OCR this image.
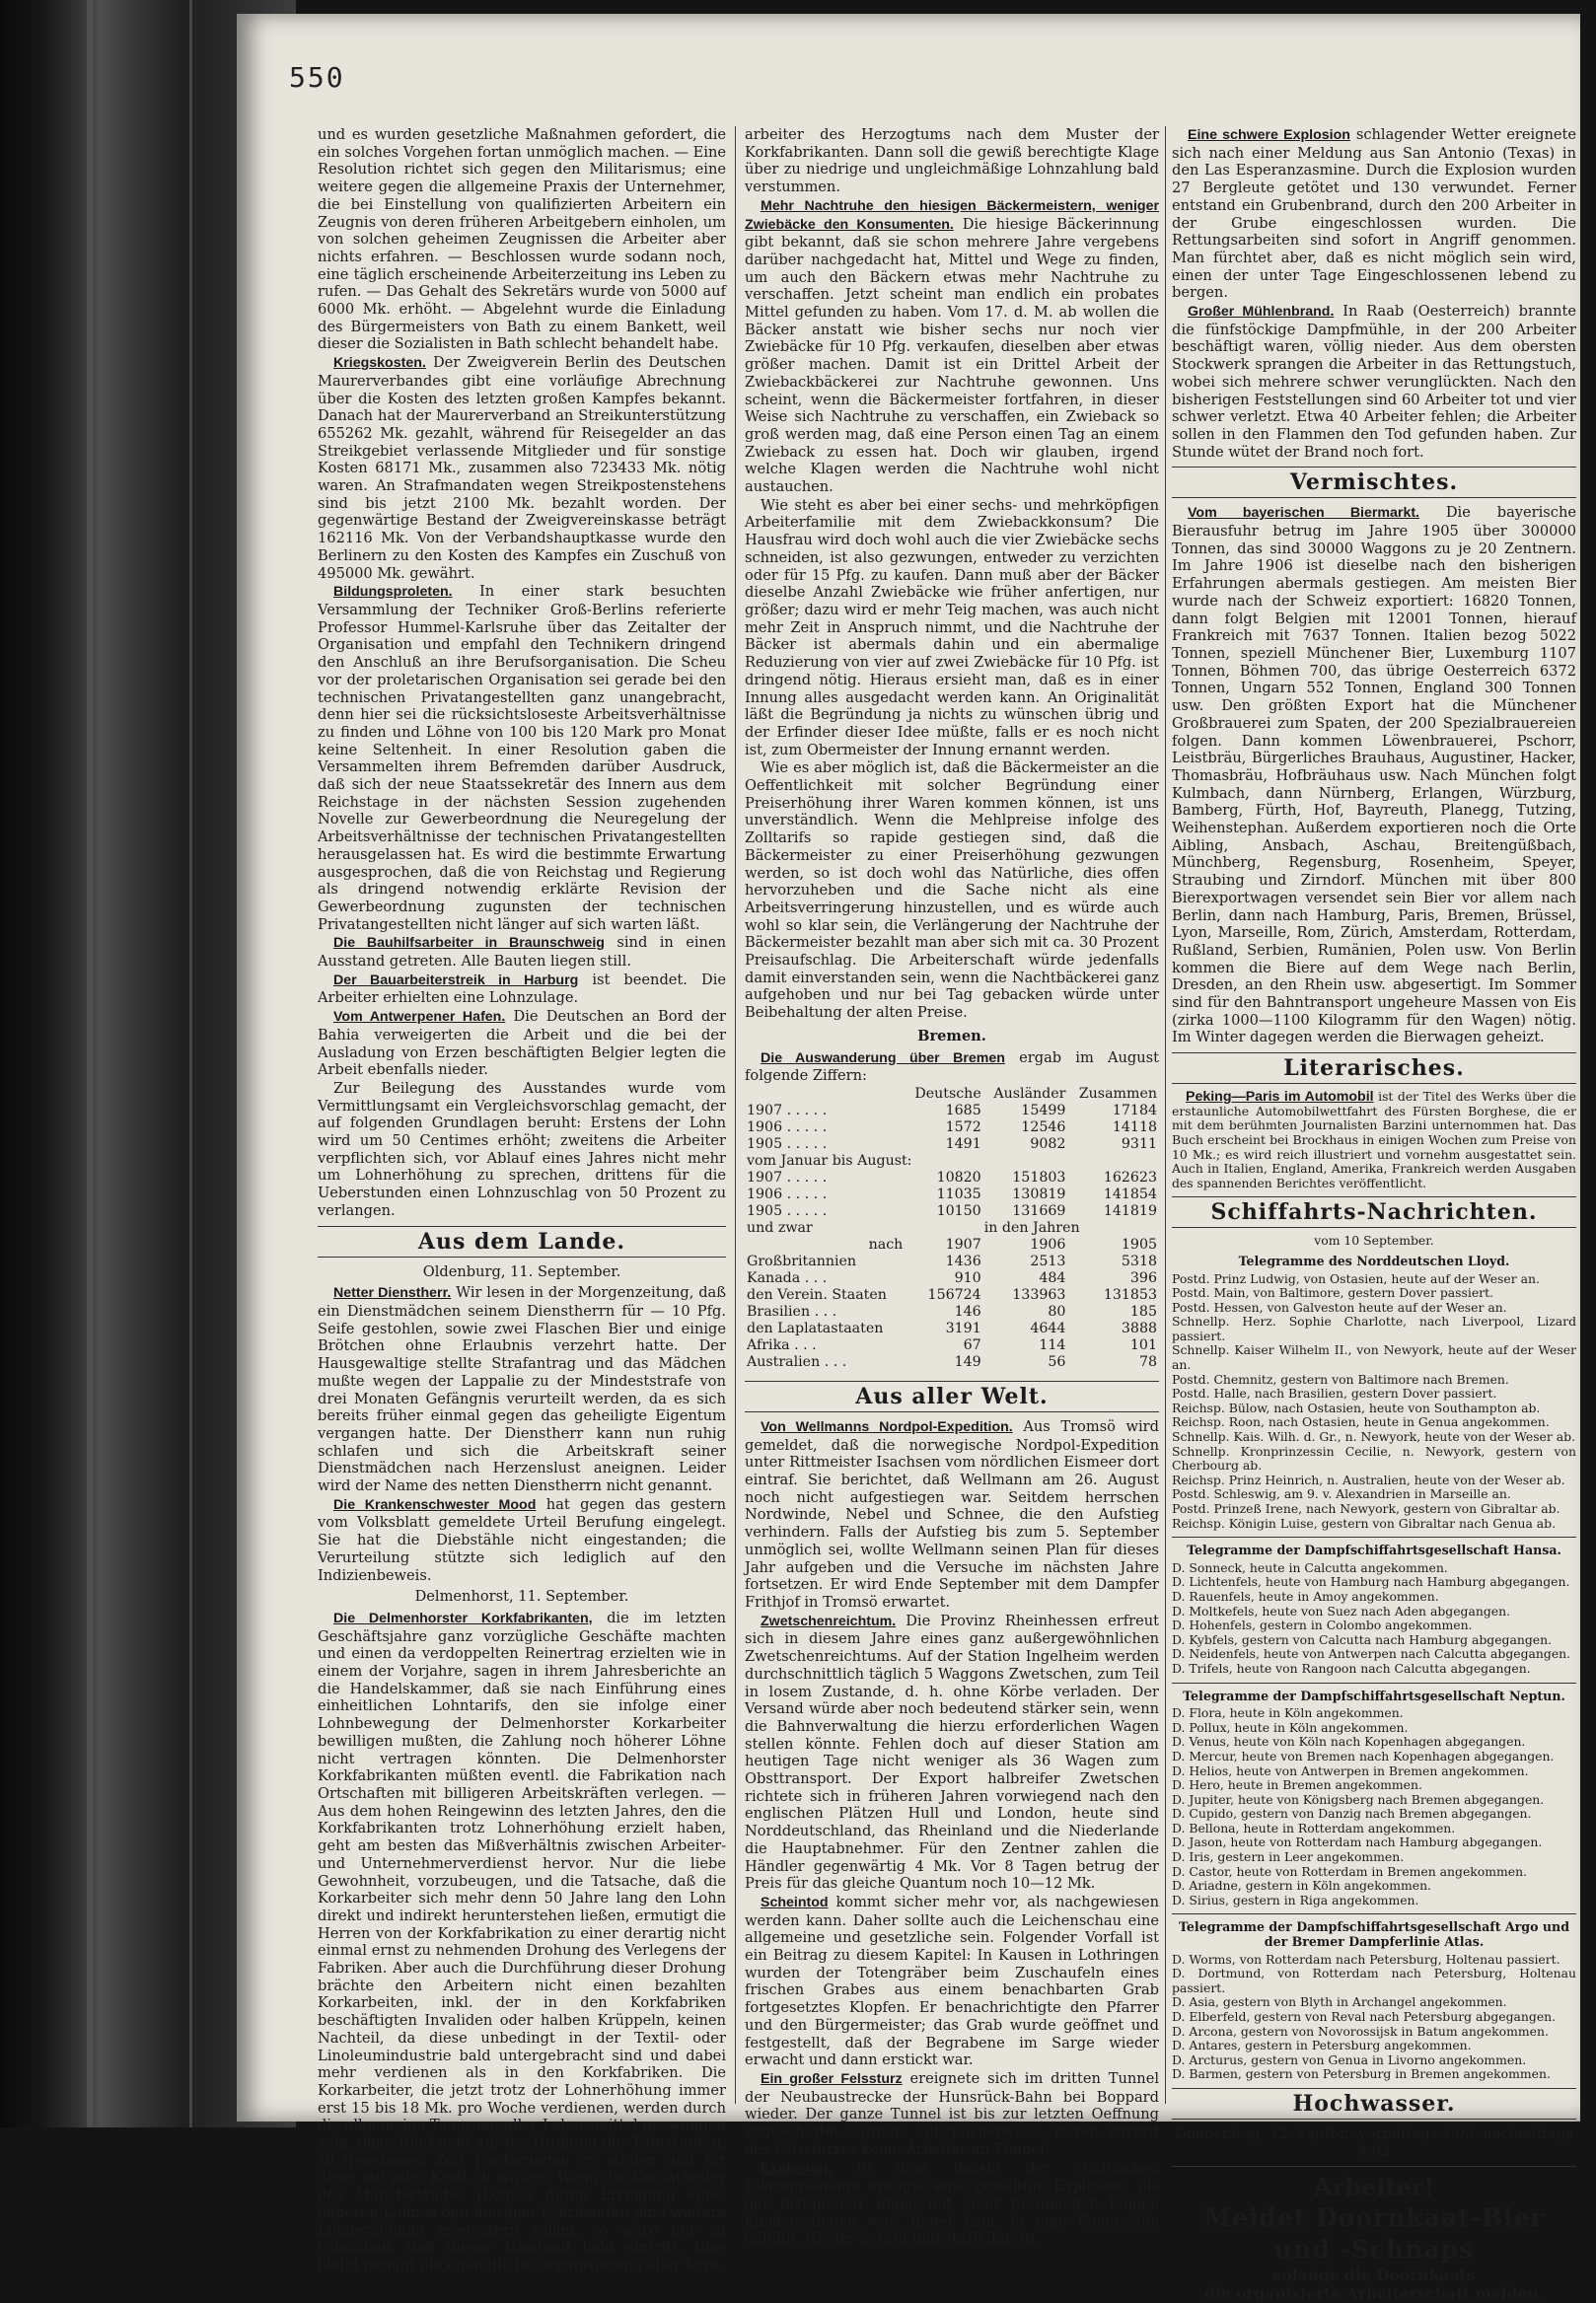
550

und es wurden gesetzliche Maßnahmen gefordert, die ein solches Vorgehen fortan unmöglich machen. — Eine Resolution richtet sich gegen den Militarismus; eine weitere gegen die allgemeine Praxis der Unternehmer, die bei Einstellung von qualifizierten Arbeitern ein Zeugnis von deren früheren Arbeitgebern einholen, um von solchen geheimen Zeugnissen die Arbeiter aber nichts erfahren. — Beschlossen wurde sodann noch, eine täglich erscheinende Arbeiterzeitung ins Leben zu rufen. — Das Gehalt des Sekretärs wurde von 5000 auf 6000 Mk. erhöht. — Abgelehnt wurde die Einladung des Bürgermeisters von Bath zu einem Bankett, weil dieser die Sozialisten in Bath schlecht behandelt habe.

Kriegskosten. Der Zweigverein Berlin des Deutschen Maurerverbandes gibt eine vorläufige Abrechnung über die Kosten des letzten großen Kampfes bekannt. Danach hat der Maurerverband an Streikunterstützung 655262 Mk. gezahlt, während für Reisegelder an das Streikgebiet verlassende Mitglieder und für sonstige Kosten 68171 Mk., zusammen also 723433 Mk. nötig waren. An Strafmandaten wegen Streikpostenstehens sind bis jetzt 2100 Mk. bezahlt worden. Der gegenwärtige Bestand der Zweigvereinskasse beträgt 162116 Mk. Von der Verbandshauptkasse wurde den Berlinern zu den Kosten des Kampfes ein Zuschuß von 495000 Mk. gewährt.

Bildungsproleten. In einer stark besuchten Versammlung der Techniker Groß-Berlins referierte Professor Hummel-Karlsruhe über das Zeitalter der Organisation und empfahl den Technikern dringend den Anschluß an ihre Berufsorganisation. Die Scheu vor der proletarischen Organisation sei gerade bei den technischen Privatangestellten ganz unangebracht, denn hier sei die rücksichtsloseste Arbeitsverhältnisse zu finden und Löhne von 100 bis 120 Mark pro Monat keine Seltenheit. In einer Resolution gaben die Versammelten ihrem Befremden darüber Ausdruck, daß sich der neue Staatssekretär des Innern aus dem Reichstage in der nächsten Session zugehenden Novelle zur Gewerbeordnung die Neuregelung der Arbeitsverhältnisse der technischen Privatangestellten herausgelassen hat. Es wird die bestimmte Erwartung ausgesprochen, daß die von Reichstag und Regierung als dringend notwendig erklärte Revision der Gewerbeordnung zugunsten der technischen Privatangestellten nicht länger auf sich warten läßt.

Die Bauhilfsarbeiter in Braunschweig sind in einen Ausstand getreten. Alle Bauten liegen still.

Der Bauarbeiterstreik in Harburg ist beendet. Die Arbeiter erhielten eine Lohnzulage.

Vom Antwerpener Hafen. Die Deutschen an Bord der Bahia verweigerten die Arbeit und die bei der Ausladung von Erzen beschäftigten Belgier legten die Arbeit ebenfalls nieder.

Zur Beilegung des Ausstandes wurde vom Vermittlungsamt ein Vergleichsvorschlag gemacht, der auf folgenden Grundlagen beruht: Erstens der Lohn wird um 50 Centimes erhöht; zweitens die Arbeiter verpflichten sich, vor Ablauf eines Jahres nicht mehr um Lohnerhöhung zu sprechen, drittens für die Ueberstunden einen Lohnzuschlag von 50 Prozent zu verlangen.

Aus dem Lande.
Oldenburg, 11. September.

Netter Dienstherr. Wir lesen in der Morgenzeitung, daß ein Dienstmädchen seinem Dienstherrn für — 10 Pfg. Seife gestohlen, sowie zwei Flaschen Bier und einige Brötchen ohne Erlaubnis verzehrt hatte. Der Hausgewaltige stellte Strafantrag und das Mädchen mußte wegen der Lappalie zu der Mindeststrafe von drei Monaten Gefängnis verurteilt werden, da es sich bereits früher einmal gegen das geheiligte Eigentum vergangen hatte. Der Dienstherr kann nun ruhig schlafen und sich die Arbeitskraft seiner Dienstmädchen nach Herzenslust aneignen. Leider wird der Name des netten Dienstherrn nicht genannt.

Die Krankenschwester Mood hat gegen das gestern vom Volksblatt gemeldete Urteil Berufung eingelegt. Sie hat die Diebstähle nicht eingestanden; die Verurteilung stützte sich lediglich auf den Indizienbeweis.

Delmenhorst, 11. September.

Die Delmenhorster Korkfabrikanten, die im letzten Geschäftsjahre ganz vorzügliche Geschäfte machten und einen da verdoppelten Reinertrag erzielten wie in einem der Vorjahre, sagen in ihrem Jahresberichte an die Handelskammer, daß sie nach Einführung eines einheitlichen Lohntarifs, den sie infolge einer Lohnbewegung der Delmenhorster Korkarbeiter bewilligen mußten, die Zahlung noch höherer Löhne nicht vertragen könnten. Die Delmenhorster Korkfabrikanten müßten eventl. die Fabrikation nach Ortschaften mit billigeren Arbeitskräften verlegen. — Aus dem hohen Reingewinn des letzten Jahres, den die Korkfabrikanten trotz Lohnerhöhung erzielt haben, geht am besten das Mißverhältnis zwischen Arbeiter- und Unternehmerverdienst hervor. Nur die liebe Gewohnheit, vorzubeugen, und die Tatsache, daß die Korkarbeiter sich mehr denn 50 Jahre lang den Lohn direkt und indirekt herunterstehen ließen, ermutigt die Herren von der Korkfabrikation zu einer derartig nicht einmal ernst zu nehmenden Drohung des Verlegens der Fabriken. Aber auch die Durchführung dieser Drohung brächte den Arbeitern nicht einen bezahlten Korkarbeiten, inkl. der in den Korkfabriken beschäftigten Invaliden oder halben Krüppeln, keinen Nachteil, da diese unbedingt in der Textil- oder Linoleumindustrie bald untergebracht sind und dabei mehr verdienen als in den Korkfabriken. Die Korkarbeiter, die jetzt trotz der Lohnerhöhung immer erst 15 bis 18 Mk. pro Woche verdienen, werden durch die allgemeine Teuerung aller Lebensmittel gezwungen sein, ohne Rücksicht auf die Drohung der Fabrikanten, zu gegebenen Zeit Forderungen zu stellen und für diese mit aller Kraft zu wirken. Wenn die Korkarbeiter des Münsterlandes (Lohne) durch Erringung eines höheren Lohnes den hiesigen Fabrikanten eine weitere Lohnerhöhung erleichtern sollen, so wäre nur zu wünschen, daß dieser Umstand bald eintritt. Dies bleibt genügt die einheitliche Organisierung aller Kork-

arbeiter des Herzogtums nach dem Muster der Korkfabrikanten. Dann soll die gewiß berechtigte Klage über zu niedrige und ungleichmäßige Lohnzahlung bald verstummen.

Mehr Nachtruhe den hiesigen Bäckermeistern, weniger Zwiebäcke den Konsumenten. Die hiesige Bäckerinnung gibt bekannt, daß sie schon mehrere Jahre vergebens darüber nachgedacht hat, Mittel und Wege zu finden, um auch den Bäckern etwas mehr Nachtruhe zu verschaffen. Jetzt scheint man endlich ein probates Mittel gefunden zu haben. Vom 17. d. M. ab wollen die Bäcker anstatt wie bisher sechs nur noch vier Zwiebäcke für 10 Pfg. verkaufen, dieselben aber etwas größer machen. Damit ist ein Drittel Arbeit der Zwiebackbäckerei zur Nachtruhe gewonnen. Uns scheint, wenn die Bäckermeister fortfahren, in dieser Weise sich Nachtruhe zu verschaffen, ein Zwieback so groß werden mag, daß eine Person einen Tag an einem Zwieback zu essen hat. Doch wir glauben, irgend welche Klagen werden die Nachtruhe wohl nicht austauchen.

Wie steht es aber bei einer sechs- und mehrköpfigen Arbeiterfamilie mit dem Zwiebackkonsum? Die Hausfrau wird doch wohl auch die vier Zwiebäcke sechs schneiden, ist also gezwungen, entweder zu verzichten oder für 15 Pfg. zu kaufen. Dann muß aber der Bäcker dieselbe Anzahl Zwiebäcke wie früher anfertigen, nur größer; dazu wird er mehr Teig machen, was auch nicht mehr Zeit in Anspruch nimmt, und die Nachtruhe der Bäcker ist abermals dahin und ein abermalige Reduzierung von vier auf zwei Zwiebäcke für 10 Pfg. ist dringend nötig. Hieraus ersieht man, daß es in einer Innung alles ausgedacht werden kann. An Originalität läßt die Begründung ja nichts zu wünschen übrig und der Erfinder dieser Idee müßte, falls er es noch nicht ist, zum Obermeister der Innung ernannt werden.

Wie es aber möglich ist, daß die Bäckermeister an die Oeffentlichkeit mit solcher Begründung einer Preiserhöhung ihrer Waren kommen können, ist uns unverständlich. Wenn die Mehlpreise infolge des Zolltarifs so rapide gestiegen sind, daß die Bäckermeister zu einer Preiserhöhung gezwungen werden, so ist doch wohl das Natürliche, dies offen hervorzuheben und die Sache nicht als eine Arbeitsverringerung hinzustellen, und es würde auch wohl so klar sein, die Verlängerung der Nachtruhe der Bäckermeister bezahlt man aber sich mit ca. 30 Prozent Preisaufschlag. Die Arbeiterschaft würde jedenfalls damit einverstanden sein, wenn die Nachtbäckerei ganz aufgehoben und nur bei Tag gebacken würde unter Beibehaltung der alten Preise.

Bremen.

Die Auswanderung über Bremen ergab im August folgende Ziffern:

	Deutsche	Ausländer	Zusammen
1907 . . . . .	1685	15499	17184
1906 . . . . .	1572	12546	14118
1905 . . . . .	1491	9082	9311
vom Januar bis August:			
1907 . . . . .	10820	151803	162623
1906 . . . . .	11035	130819	141854
1905 . . . . .	10150	131669	141819
und zwar	in den Jahren		
nach	1907	1906	1905
Großbritannien	1436	2513	5318
Kanada . . .	910	484	396
den Verein. Staaten	156724	133963	131853
Brasilien . . .	146	80	185
den Laplatastaaten	3191	4644	3888
Afrika . . .	67	114	101
Australien . . .	149	56	78
Aus aller Welt.

Von Wellmanns Nordpol-Expedition. Aus Tromsö wird gemeldet, daß die norwegische Nordpol-Expedition unter Rittmeister Isachsen vom nördlichen Eismeer dort eintraf. Sie berichtet, daß Wellmann am 26. August noch nicht aufgestiegen war. Seitdem herrschen Nordwinde, Nebel und Schnee, die den Aufstieg verhindern. Falls der Aufstieg bis zum 5. September unmöglich sei, wollte Wellmann seinen Plan für dieses Jahr aufgeben und die Versuche im nächsten Jahre fortsetzen. Er wird Ende September mit dem Dampfer Frithjof in Tromsö erwartet.

Zwetschenreichtum. Die Provinz Rheinhessen erfreut sich in diesem Jahre eines ganz außergewöhnlichen Zwetschenreichtums. Auf der Station Ingelheim werden durchschnittlich täglich 5 Waggons Zwetschen, zum Teil in losem Zustande, d. h. ohne Körbe verladen. Der Versand würde aber noch bedeutend stärker sein, wenn die Bahnverwaltung die hierzu erforderlichen Wagen stellen könnte. Fehlen doch auf dieser Station am heutigen Tage nicht weniger als 36 Wagen zum Obsttransport. Der Export halbreifer Zwetschen richtete sich in früheren Jahren vorwiegend nach den englischen Plätzen Hull und London, heute sind Norddeutschland, das Rheinland und die Niederlande die Hauptabnehmer. Für den Zentner zahlen die Händler gegenwärtig 4 Mk. Vor 8 Tagen betrug der Preis für das gleiche Quantum noch 10—12 Mk.

Scheintod kommt sicher mehr vor, als nachgewiesen werden kann. Daher sollte auch die Leichenschau eine allgemeine und gesetzliche sein. Folgender Vorfall ist ein Beitrag zu diesem Kapitel: In Kausen in Lothringen wurden der Totengräber beim Zuschaufeln eines frischen Grabes aus einem benachbarten Grab fortgesetztes Klopfen. Er benachrichtigte den Pfarrer und den Bürgermeister; das Grab wurde geöffnet und festgestellt, daß der Begrabene im Sarge wieder erwacht und dann erstickt war.

Ein großer Felssturz ereignete sich im dritten Tunnel der Neubaustrecke der Hunsrück-Bahn bei Boppard wieder. Der ganze Tunnel ist bis zur letzten Oeffnung zugeschüttet worden. Glücklicherweise waren zurzeit des Felssturzes keine Arbeiter im Tunnel.

Explosion. In dem Bassin der städtischen Klärungsanlage erfolgte eine gewaltige Explosion, als der Installateur Engel mit einer brennenden Lampe hinabgestiegen war. Engel kam, in eine Feuersäule gehüllt, wieder herauf und starb darauf.

Eine schwere Explosion schlagender Wetter ereignete sich nach einer Meldung aus San Antonio (Texas) in den Las Esperanzasmine. Durch die Explosion wurden 27 Bergleute getötet und 130 verwundet. Ferner entstand ein Grubenbrand, durch den 200 Arbeiter in der Grube eingeschlossen wurden. Die Rettungsarbeiten sind sofort in Angriff genommen. Man fürchtet aber, daß es nicht möglich sein wird, einen der unter Tage Eingeschlossenen lebend zu bergen.

Großer Mühlenbrand. In Raab (Oesterreich) brannte die fünfstöckige Dampfmühle, in der 200 Arbeiter beschäftigt waren, völlig nieder. Aus dem obersten Stockwerk sprangen die Arbeiter in das Rettungstuch, wobei sich mehrere schwer verunglückten. Nach den bisherigen Feststellungen sind 60 Arbeiter tot und vier schwer verletzt. Etwa 40 Arbeiter fehlen; die Arbeiter sollen in den Flammen den Tod gefunden haben. Zur Stunde wütet der Brand noch fort.

Vermischtes.

Vom bayerischen Biermarkt. Die bayerische Bierausfuhr betrug im Jahre 1905 über 300000 Tonnen, das sind 30000 Waggons zu je 20 Zentnern. Im Jahre 1906 ist dieselbe nach den bisherigen Erfahrungen abermals gestiegen. Am meisten Bier wurde nach der Schweiz exportiert: 16820 Tonnen, dann folgt Belgien mit 12001 Tonnen, hierauf Frankreich mit 7637 Tonnen. Italien bezog 5022 Tonnen, speziell Münchener Bier, Luxemburg 1107 Tonnen, Böhmen 700, das übrige Oesterreich 6372 Tonnen, Ungarn 552 Tonnen, England 300 Tonnen usw. Den größten Export hat die Münchener Großbrauerei zum Spaten, der 200 Spezialbrauereien folgen. Dann kommen Löwenbrauerei, Pschorr, Leistbräu, Bürgerliches Brauhaus, Augustiner, Hacker, Thomasbräu, Hofbräuhaus usw. Nach München folgt Kulmbach, dann Nürnberg, Erlangen, Würzburg, Bamberg, Fürth, Hof, Bayreuth, Planegg, Tutzing, Weihenstephan. Außerdem exportieren noch die Orte Aibling, Ansbach, Aschau, Breitengüßbach, Münchberg, Regensburg, Rosenheim, Speyer, Straubing und Zirndorf. München mit über 800 Bierexportwagen versendet sein Bier vor allem nach Berlin, dann nach Hamburg, Paris, Bremen, Brüssel, Lyon, Marseille, Rom, Zürich, Amsterdam, Rotterdam, Rußland, Serbien, Rumänien, Polen usw. Von Berlin kommen die Biere auf dem Wege nach Berlin, Dresden, an den Rhein usw. abgesertigt. Im Sommer sind für den Bahntransport ungeheure Massen von Eis (zirka 1000—1100 Kilogramm für den Wagen) nötig. Im Winter dagegen werden die Bierwagen geheizt.

Literarisches.

Peking—Paris im Automobil ist der Titel des Werks über die erstaunliche Automobilwettfahrt des Fürsten Borghese, die er mit dem berühmten Journalisten Barzini unternommen hat. Das Buch erscheint bei Brockhaus in einigen Wochen zum Preise von 10 Mk.; es wird reich illustriert und vornehm ausgestattet sein. Auch in Italien, England, Amerika, Frankreich werden Ausgaben des spannenden Berichtes veröffentlicht.

Schiffahrts-Nachrichten.
vom 10 September.
Telegramme des Norddeutschen Lloyd.
Postd. Prinz Ludwig, von Ostasien, heute auf der Weser an.
Postd. Main, von Baltimore, gestern Dover passiert.
Postd. Hessen, von Galveston heute auf der Weser an.
Schnellp. Herz. Sophie Charlotte, nach Liverpool, Lizard passiert.
Schnellp. Kaiser Wilhelm II., von Newyork, heute auf der Weser an.
Postd. Chemnitz, gestern von Baltimore nach Bremen.
Postd. Halle, nach Brasilien, gestern Dover passiert.
Reichsp. Bülow, nach Ostasien, heute von Southampton ab.
Reichsp. Roon, nach Ostasien, heute in Genua angekommen.
Schnellp. Kais. Wilh. d. Gr., n. Newyork, heute von der Weser ab.
Schnellp. Kronprinzessin Cecilie, n. Newyork, gestern von Cherbourg ab.
Reichsp. Prinz Heinrich, n. Australien, heute von der Weser ab.
Postd. Schleswig, am 9. v. Alexandrien in Marseille an.
Postd. Prinzeß Irene, nach Newyork, gestern von Gibraltar ab.
Reichsp. Königin Luise, gestern von Gibraltar nach Genua ab.
Telegramme der Dampfschiffahrtsgesellschaft Hansa.
D. Sonneck, heute in Calcutta angekommen.
D. Lichtenfels, heute von Hamburg nach Hamburg abgegangen.
D. Rauenfels, heute in Amoy angekommen.
D. Moltkefels, heute von Suez nach Aden abgegangen.
D. Hohenfels, gestern in Colombo angekommen.
D. Kybfels, gestern von Calcutta nach Hamburg abgegangen.
D. Neidenfels, heute von Antwerpen nach Calcutta abgegangen.
D. Trifels, heute von Rangoon nach Calcutta abgegangen.
Telegramme der Dampfschiffahrtsgesellschaft Neptun.
D. Flora, heute in Köln angekommen.
D. Pollux, heute in Köln angekommen.
D. Venus, heute von Köln nach Kopenhagen abgegangen.
D. Mercur, heute von Bremen nach Kopenhagen abgegangen.
D. Helios, heute von Antwerpen in Bremen angekommen.
D. Hero, heute in Bremen angekommen.
D. Jupiter, heute von Königsberg nach Bremen abgegangen.
D. Cupido, gestern von Danzig nach Bremen abgegangen.
D. Bellona, heute in Rotterdam angekommen.
D. Jason, heute von Rotterdam nach Hamburg abgegangen.
D. Iris, gestern in Leer angekommen.
D. Castor, heute von Rotterdam in Bremen angekommen.
D. Ariadne, gestern in Köln angekommen.
D. Sirius, gestern in Riga angekommen.
Telegramme der Dampfschiffahrtsgesellschaft Argo und der Bremer Dampferlinie Atlas.
D. Worms, von Rotterdam nach Petersburg, Holtenau passiert.
D. Dortmund, von Rotterdam nach Petersburg, Holtenau passiert.
D. Asia, gestern von Blyth in Archangel angekommen.
D. Elberfeld, gestern von Reval nach Petersburg abgegangen.
D. Arcona, gestern von Novorossijsk in Batum angekommen.
D. Antares, gestern in Petersburg angekommen.
D. Arcturus, gestern von Genua in Livorno angekommen.
D. Barmen, gestern von Petersburg in Bremen angekommen.
Hochwasser.
Donnerstag, 12. Septbr.: vormittags 4.03, nachmittags 4.02
Arbeiter!
Meidet Doornkaat-Bier und -Schnaps
solange die Doornkaats
die organisierte Arbeiterschaft meiden.
